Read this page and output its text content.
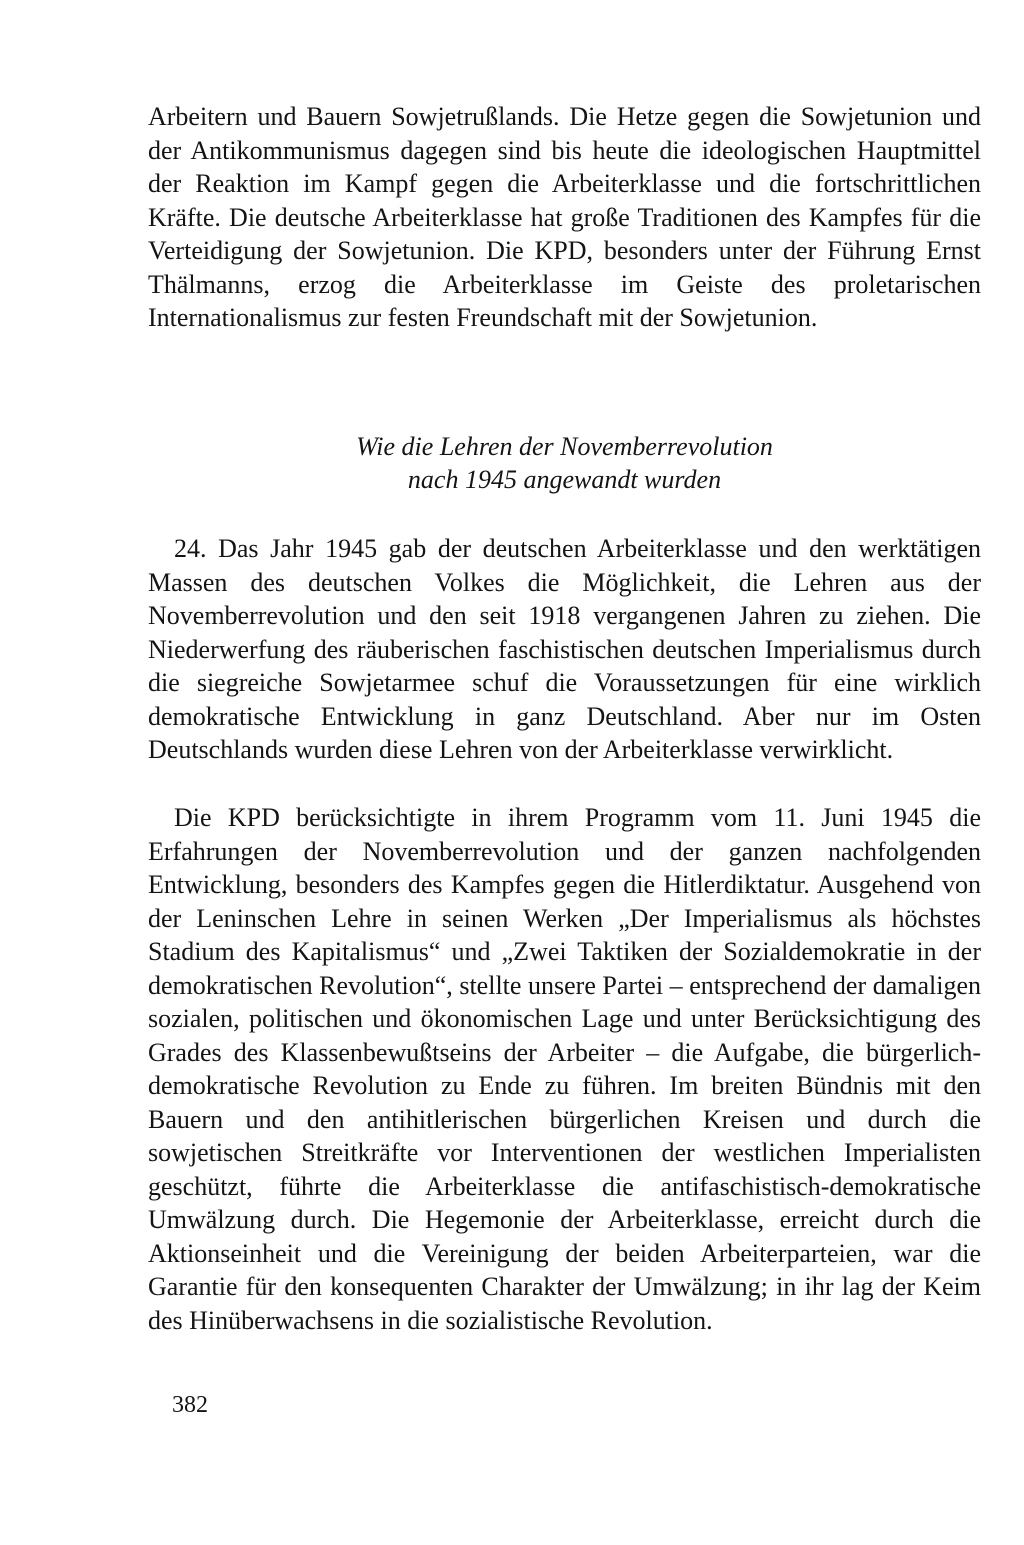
Arbeitern und Bauern Sowjetrußlands. Die Hetze gegen die Sowjetunion und der Antikommunismus dagegen sind bis heute die ideologischen Hauptmittel der Reaktion im Kampf gegen die Arbeiterklasse und die fortschrittlichen Kräfte. Die deutsche Arbeiterklasse hat große Traditionen des Kampfes für die Verteidigung der Sowjetunion. Die KPD, besonders unter der Führung Ernst Thälmanns, erzog die Arbeiterklasse im Geiste des proletarischen Internationalismus zur festen Freundschaft mit der Sowjetunion.

Wie die Lehren der Novemberrevolution
nach 1945 angewandt wurden

24. Das Jahr 1945 gab der deutschen Arbeiterklasse und den werktätigen Massen des deutschen Volkes die Möglichkeit, die Lehren aus der Novemberrevolution und den seit 1918 vergangenen Jahren zu ziehen. Die Niederwerfung des räuberischen faschistischen deutschen Imperialismus durch die siegreiche Sowjetarmee schuf die Voraussetzungen für eine wirklich demokratische Entwicklung in ganz Deutschland. Aber nur im Osten Deutschlands wurden diese Lehren von der Arbeiterklasse verwirklicht.

Die KPD berücksichtigte in ihrem Programm vom 11. Juni 1945 die Erfahrungen der Novemberrevolution und der ganzen nachfolgenden Entwicklung, besonders des Kampfes gegen die Hitlerdiktatur. Ausgehend von der Leninschen Lehre in seinen Werken „Der Imperialismus als höchstes Stadium des Kapitalismus“ und „Zwei Taktiken der Sozialdemokratie in der demokratischen Revolution“, stellte unsere Partei – entsprechend der damaligen sozialen, politischen und ökonomischen Lage und unter Berücksichtigung des Grades des Klassenbewußtseins der Arbeiter – die Aufgabe, die bürgerlich-demokratische Revolution zu Ende zu führen. Im breiten Bündnis mit den Bauern und den antihitlerischen bürgerlichen Kreisen und durch die sowjetischen Streitkräfte vor Interventionen der westlichen Imperialisten geschützt, führte die Arbeiterklasse die antifaschistisch-demokratische Umwälzung durch. Die Hegemonie der Arbeiterklasse, erreicht durch die Aktionseinheit und die Vereinigung der beiden Arbeiterparteien, war die Garantie für den konsequenten Charakter der Umwälzung; in ihr lag der Keim des Hinüberwachsens in die sozialistische Revolution.

382
